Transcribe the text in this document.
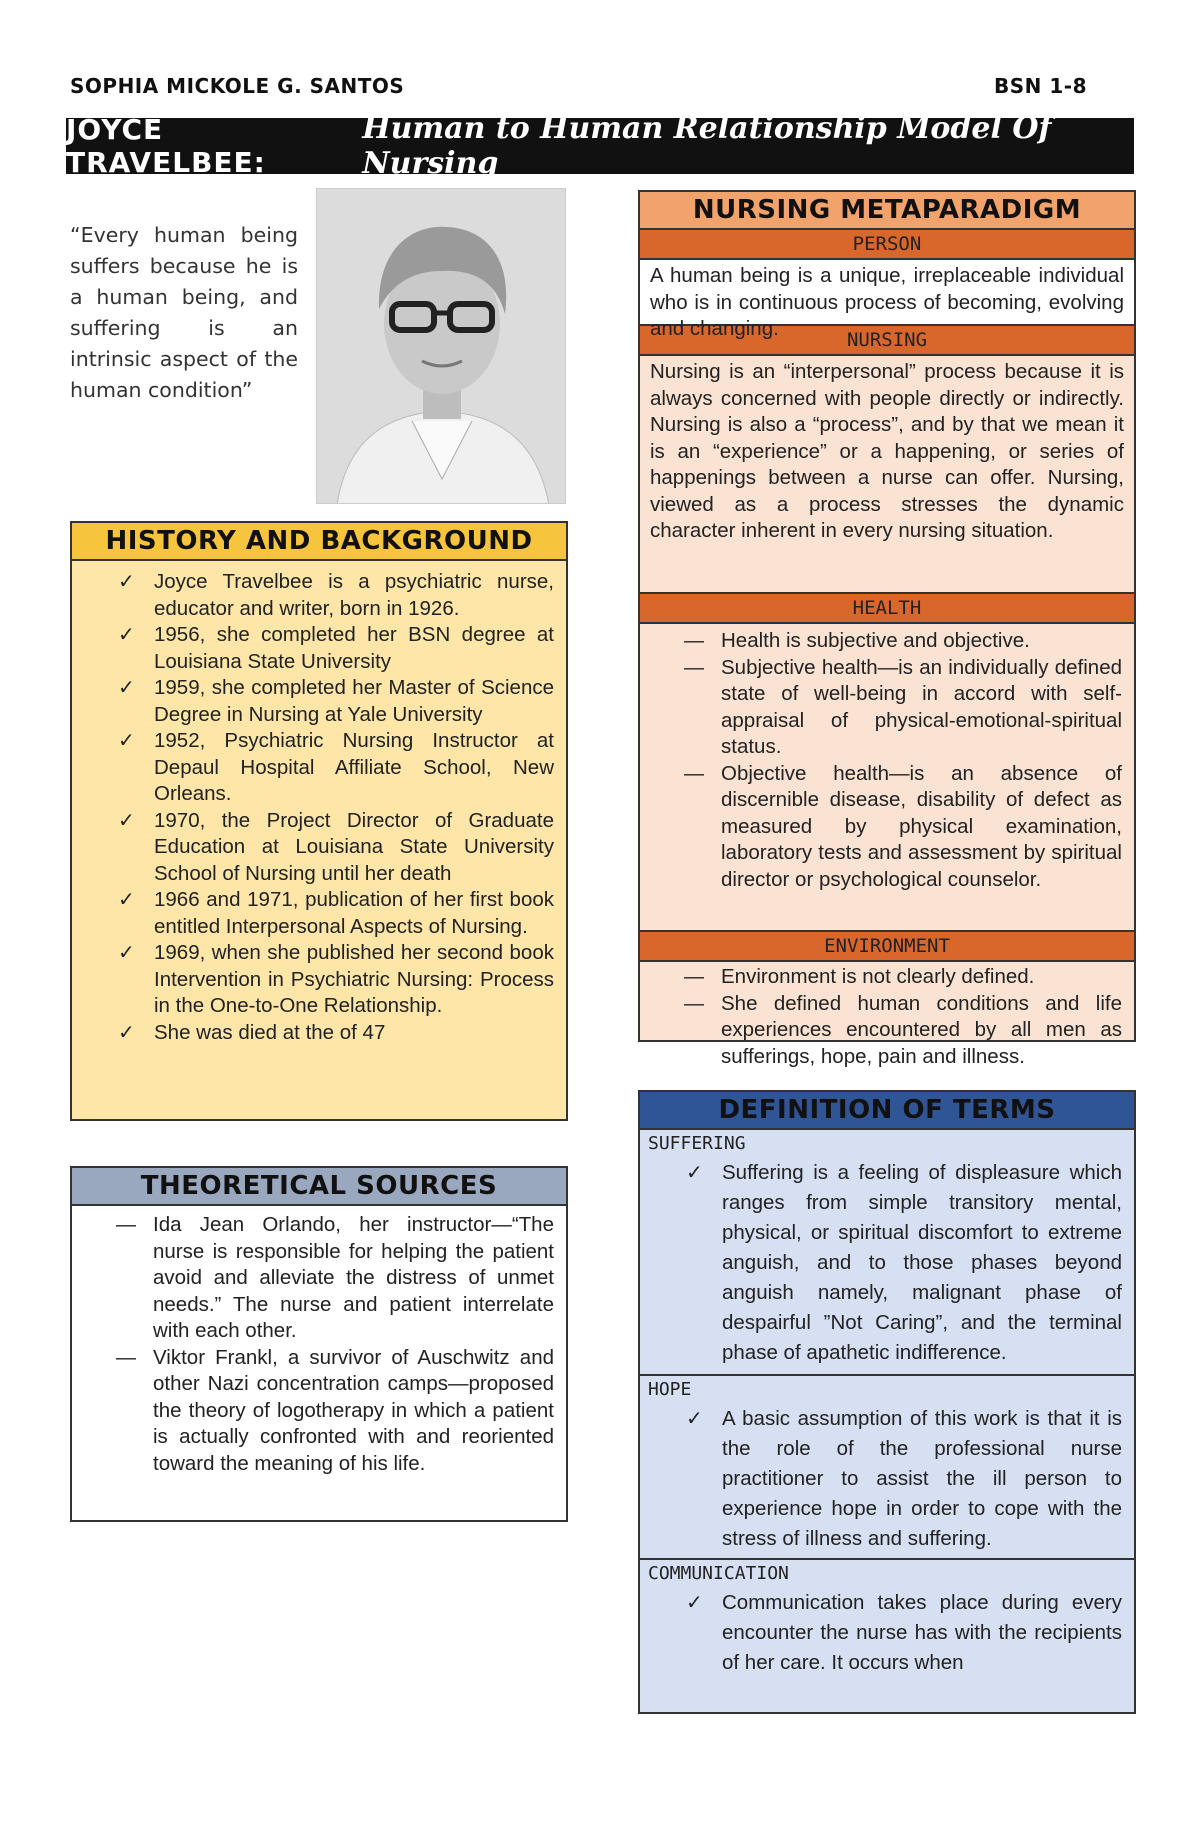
SOPHIA MICKOLE G. SANTOS	BSN 1-8
JOYCE TRAVELBEE:
Human to Human Relationship Model Of Nursing
“Every human being suffers because he is a human being, and suffering is an intrinsic aspect of the human condition”
HISTORY AND BACKGROUND
✓ Joyce Travelbee is a psychiatric nurse, educator and writer, born in 1926.
✓ 1956, she completed her BSN degree at Louisiana State University
✓ 1959, she completed her Master of Science Degree in Nursing at Yale University
✓ 1952, Psychiatric Nursing Instructor at Depaul Hospital Affiliate School, New Orleans.
✓ 1970, the Project Director of Graduate Education at Louisiana State University School of Nursing until her death
✓ 1966 and 1971, publication of her first book entitled Interpersonal Aspects of Nursing.
✓ 1969, when she published her second book Intervention in Psychiatric Nursing: Process in the One-to-One Relationship.
✓ She was died at the of 47
THEORETICAL SOURCES
— Ida Jean Orlando, her instructor—“The nurse is responsible for helping the patient avoid and alleviate the distress of unmet needs.” The nurse and patient interrelate with each other.
— Viktor Frankl, a survivor of Auschwitz and other Nazi concentration camps—proposed the theory of logotherapy in which a patient is actually confronted with and reoriented toward the meaning of his life.
NURSING METAPARADIGM
PERSON
A human being is a unique, irreplaceable individual who is in continuous process of becoming, evolving and changing.	NURSING
Nursing is an “interpersonal” process because it is always concerned with people directly or indirectly. Nursing is also a “process”, and by that we mean it is an “experience” or a happening, or series of happenings between a nurse can offer. Nursing, viewed as a process stresses the dynamic character inherent in every nursing situation.
HEALTH
— Health is subjective and objective.
— Subjective health—is an individually defined state of well-being in accord with self-appraisal of physical-emotional-spiritual status.
— Objective health—is an absence of discernible disease, disability of defect as measured by physical examination, laboratory tests and assessment by spiritual director or psychological counselor.
ENVIRONMENT
— Environment is not clearly defined.
— She defined human conditions and life experiences encountered by all men as sufferings, hope, pain and illness.
DEFINITION OF TERMS
SUFFERING
✓ Suffering is a feeling of displeasure which ranges from simple transitory mental, physical, or spiritual discomfort to extreme anguish, and to those phases beyond anguish namely, malignant phase of despairful ”Not Caring”, and the terminal phase of apathetic indifference.
HOPE
✓ A basic assumption of this work is that it is the role of the professional nurse practitioner to assist the ill person to experience hope in order to cope with the stress of illness and suffering.
COMMUNICATION
✓ Communication takes place during every encounter the nurse has with the recipients of her care. It occurs when
